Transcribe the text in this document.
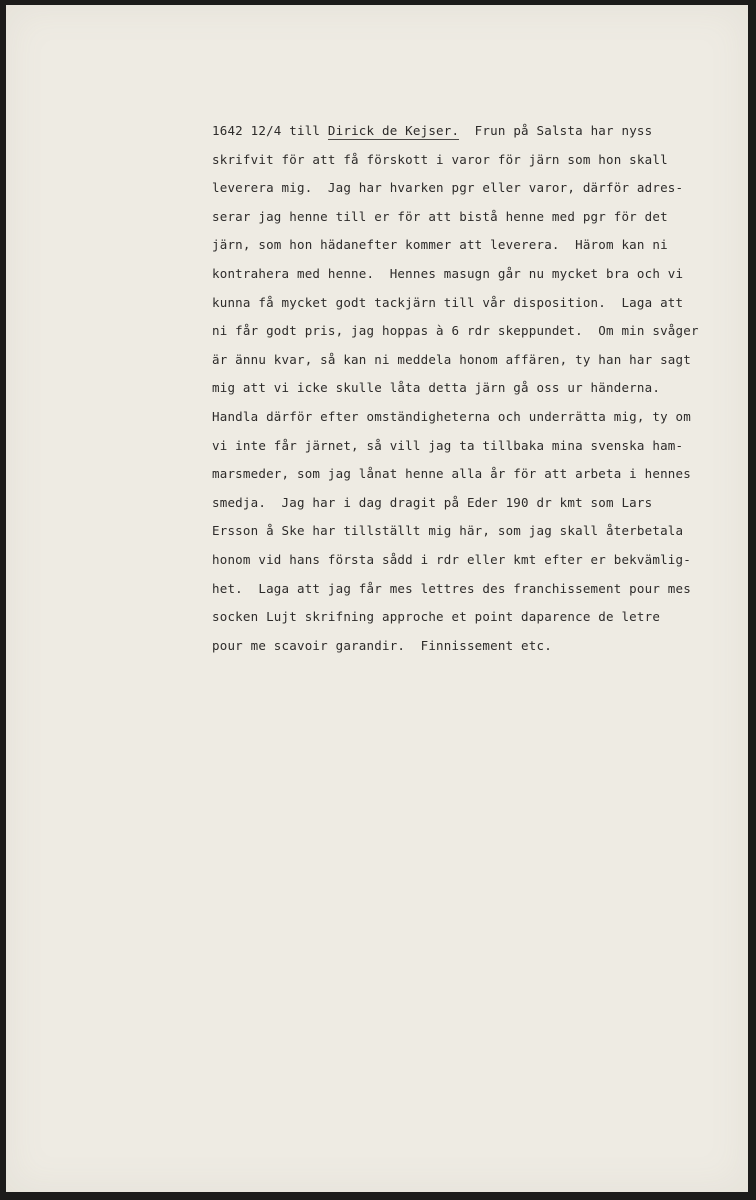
1642 12/4 till Dirick de Kejser.  Frun på Salsta har nyss
skrifvit för att få förskott i varor för järn som hon skall
leverera mig.  Jag har hvarken pgr eller varor, därför adres-
serar jag henne till er för att bistå henne med pgr för det
järn, som hon hädanefter kommer att leverera.  Härom kan ni
kontrahera med henne.  Hennes masugn går nu mycket bra och vi
kunna få mycket godt tackjärn till vår disposition.  Laga att
ni får godt pris, jag hoppas à 6 rdr skeppundet.  Om min svåger
är ännu kvar, så kan ni meddela honom affären, ty han har sagt
mig att vi icke skulle låta detta järn gå oss ur händerna.
Handla därför efter omständigheterna och underrätta mig, ty om
vi inte får järnet, så vill jag ta tillbaka mina svenska ham-
marsmeder, som jag lånat henne alla år för att arbeta i hennes
smedja.  Jag har i dag dragit på Eder 190 dr kmt som Lars
Ersson å Ske har tillställt mig här, som jag skall återbetala
honom vid hans första sådd i rdr eller kmt efter er bekvämlig-
het.  Laga att jag får mes lettres des franchissement pour mes
socken Lujt skrifning approche et point daparence de letre
pour me scavoir garandir.  Finnissement etc.
